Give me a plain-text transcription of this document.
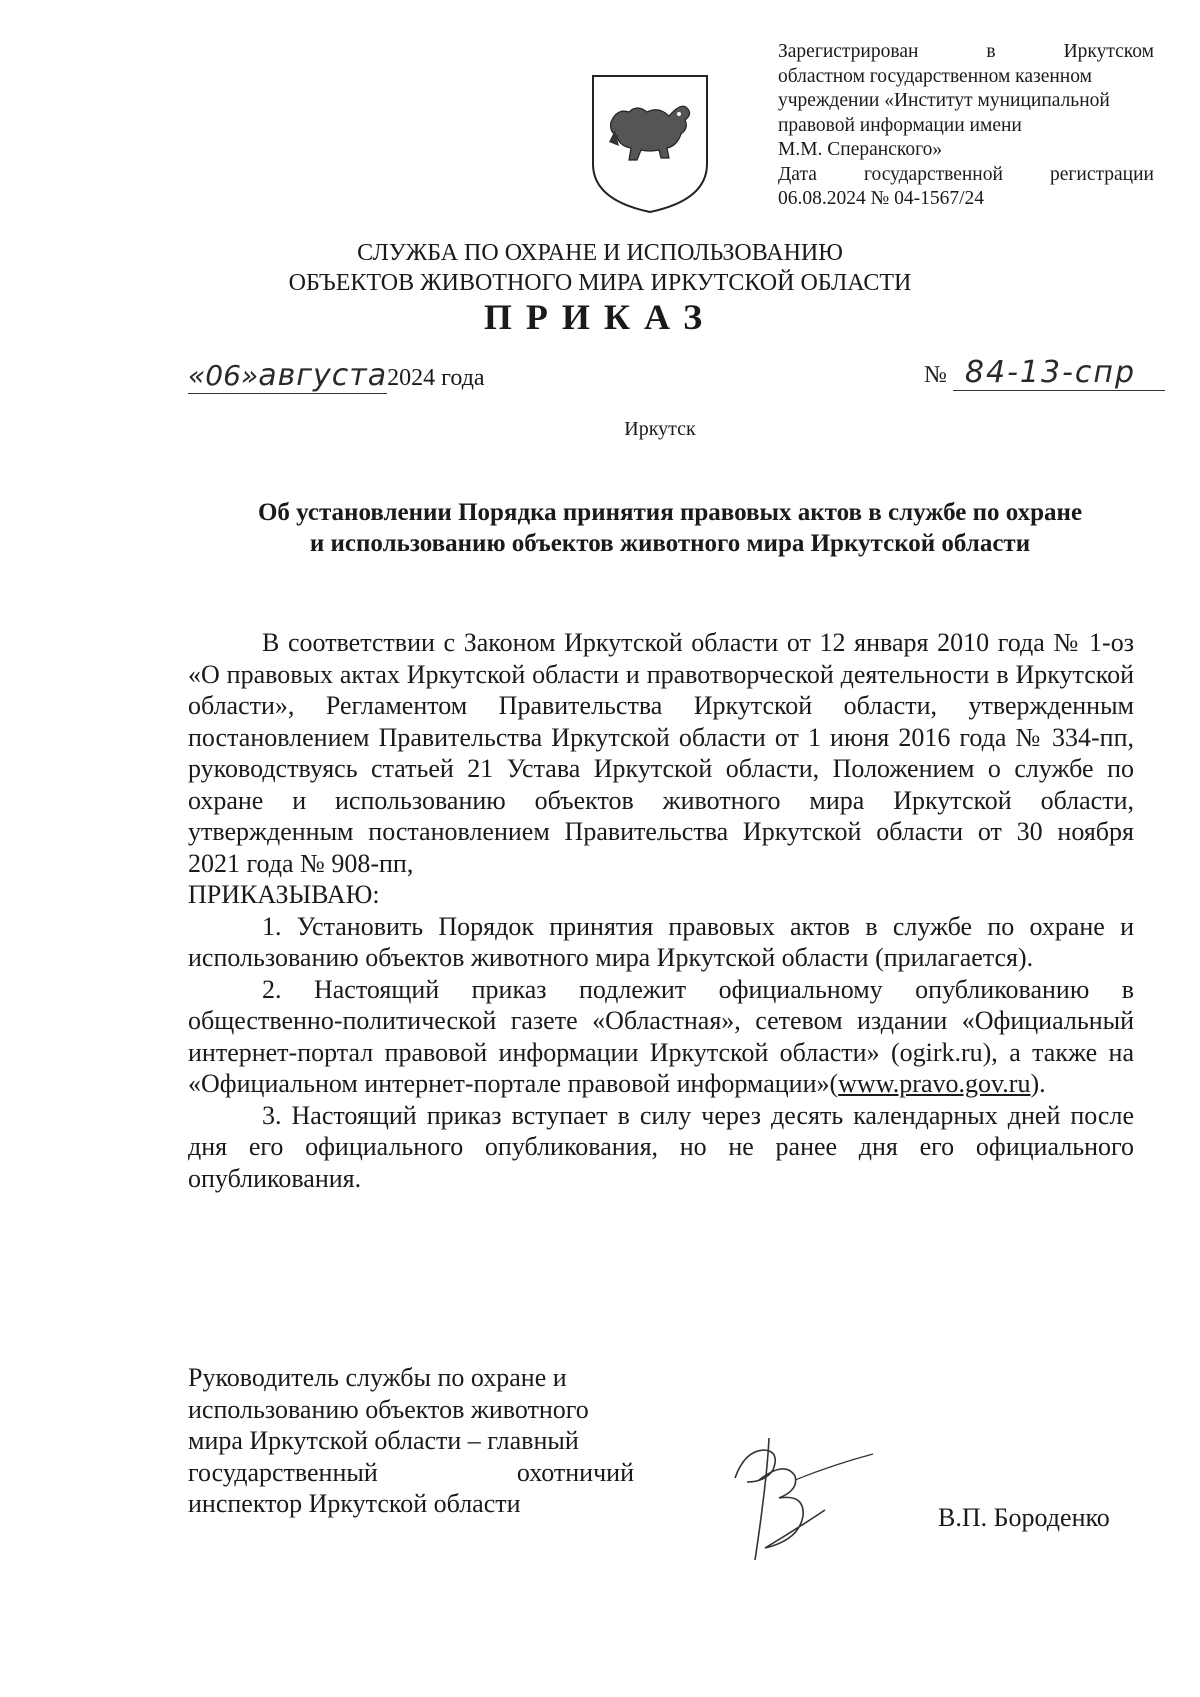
Зарегистрирован	в	Иркутском
областном государственном казенном
учреждении «Институт муниципальной
правовой информации имени
М.М. Сперанского»
Дата государственной регистрации
06.08.2024 № 04-1567/24
СЛУЖБА ПО ОХРАНЕ И ИСПОЛЬЗОВАНИЮ
ОБЪЕКТОВ ЖИВОТНОГО МИРА ИРКУТСКОЙ ОБЛАСТИ
ПРИКАЗ
«06»августа2024 года	№ 84-13-спр
Иркутск
Об установлении Порядка принятия правовых актов в службе по охране
и использованию объектов животного мира Иркутской области

В соответствии с Законом Иркутской области от 12 января 2010 года № 1-оз «О правовых актах Иркутской области и правотворческой деятельности в Иркутской области», Регламентом Правительства Иркутской области, утвержденным постановлением Правительства Иркутской области от 1 июня 2016 года № 334-пп, руководствуясь статьей 21 Устава Иркутской области, Положением о службе по охране и использованию объектов животного мира Иркутской области, утвержденным постановлением Правительства Иркутской области от 30 ноября 2021 года № 908-пп,

ПРИКАЗЫВАЮ:

1. Установить Порядок принятия правовых актов в службе по охране и использованию объектов животного мира Иркутской области (прилагается).

2. Настоящий приказ подлежит официальному опубликованию в общественно-политической газете «Областная», сетевом издании «Официальный интернет-портал правовой информации Иркутской области» (ogirk.ru), а также на «Официальном интернет-портале правовой информации»(www.pravo.gov.ru).

3. Настоящий приказ вступает в силу через десять календарных дней после дня его официального опубликования, но не ранее дня его официального опубликования.

Руководитель службы по охране и
использованию объектов животного
мира Иркутской области – главный
государственный	охотничий
инспектор Иркутской области	В.П. Бороденко
